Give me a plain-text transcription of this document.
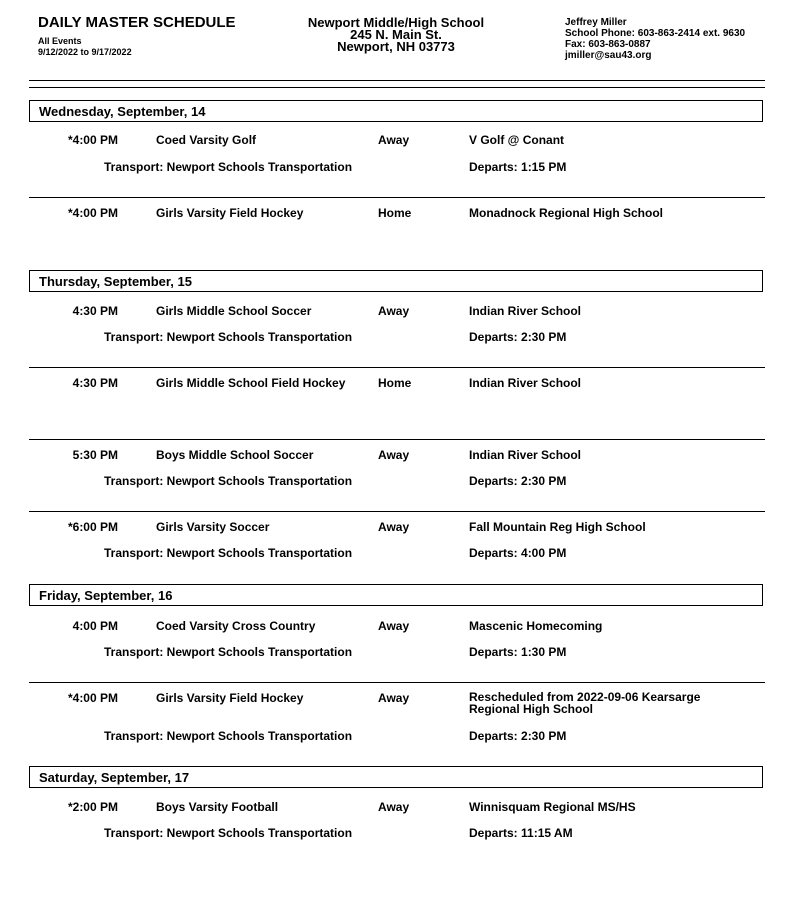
DAILY MASTER SCHEDULE
All Events
9/12/2022 to 9/17/2022
Newport Middle/High School
245 N. Main St.
Newport, NH 03773
Jeffrey Miller
School Phone: 603-863-2414 ext. 9630
Fax: 603-863-0887
jmiller@sau43.org
Wednesday, September, 14
*4:00 PM	Coed Varsity Golf	Away	V Golf @ Conant
Transport: Newport Schools Transportation	Departs: 1:15 PM
*4:00 PM	Girls Varsity Field Hockey	Home	Monadnock Regional High School
Thursday, September, 15
4:30 PM	Girls Middle School Soccer	Away	Indian River School
Transport: Newport Schools Transportation	Departs: 2:30 PM
4:30 PM	Girls Middle School Field Hockey	Home	Indian River School
5:30 PM	Boys Middle School Soccer	Away	Indian River School
Transport: Newport Schools Transportation	Departs: 2:30 PM
*6:00 PM	Girls Varsity Soccer	Away	Fall Mountain Reg High School
Transport: Newport Schools Transportation	Departs: 4:00 PM
Friday, September, 16
4:00 PM	Coed Varsity Cross Country	Away	Mascenic Homecoming
Transport: Newport Schools Transportation	Departs: 1:30 PM
*4:00 PM	Girls Varsity Field Hockey	Away	Rescheduled from 2022-09-06 Kearsarge Regional High School
Transport: Newport Schools Transportation	Departs: 2:30 PM
Saturday, September, 17
*2:00 PM	Boys Varsity Football	Away	Winnisquam Regional MS/HS
Transport: Newport Schools Transportation	Departs: 11:15 AM
